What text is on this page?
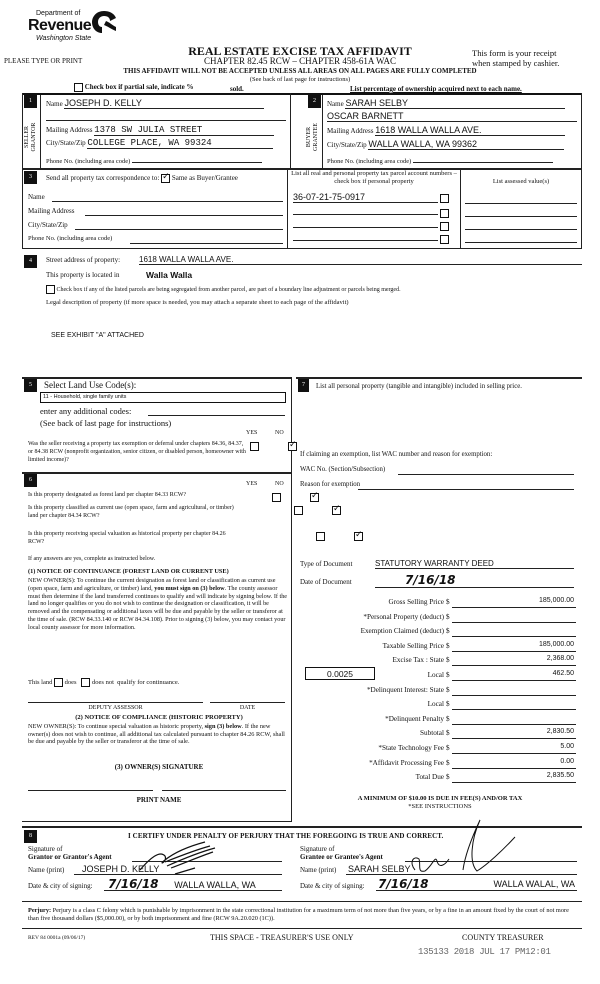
Department of
Revenue
Washington State
REAL ESTATE EXCISE TAX AFFIDAVIT
PLEASE TYPE OR PRINT	CHAPTER 82.45 RCW – CHAPTER 458-61A WAC
This form is your receipt
when stamped by cashier.
THIS AFFIDAVIT WILL NOT BE ACCEPTED UNLESS ALL AREAS ON ALL PAGES ARE FULLY COMPLETED
(See back of last page for instructions)
Check box if partial sale, indicate %	sold.	List percentage of ownership acquired next to each name.
1
SELLER GRANTOR
Name JOSEPH D. KELLY
Mailing Address 1378 SW JULIA STREET
City/State/Zip COLLEGE PLACE, WA 99324
Phone No. (including area code)
2
BUYER GRANTEE
Name SARAH SELBY
OSCAR BARNETT
Mailing Address 1618 WALLA WALLA AVE.
City/State/Zip WALLA WALLA, WA 99362
Phone No. (including area code)
3	Send all property tax correspondence to: ✓ Same as Buyer/Grantee
Name
Mailing Address
City/State/Zip
Phone No. (including area code)
List all real and personal property tax parcel account numbers – check box if personal property	List assessed value(s)
36-07-21-75-0917

4	Street address of property: 1618 WALLA WALLA AVE.
This property is located in	Walla Walla
Check box if any of the listed parcels are being segregated from another parcel, are part of a boundary line adjustment or parcels being merged.
Legal description of property (if more space is needed, you may attach a separate sheet to each page of the affidavit)
SEE EXHIBIT "A" ATTACHED
5	Select Land Use Code(s):
11 - Household, single family units
enter any additional codes:
(See back of last page for instructions)
YES	NO
Was the seller receiving a property tax exemption or deferral under chapters 84.36, 84.37, or 84.38 RCW (nonprofit organization, senior citizen, or disabled person, homeowner with limited income)?
✓
6
YES	NO
Is this property designated as forest land per chapter 84.33 RCW?
✓
Is this property classified as current use (open space, farm and agricultural, or timber) land per chapter 84.34 RCW?
✓
Is this property receiving special valuation as historical property per chapter 84.26 RCW?
✓
If any answers are yes, complete as instructed below.
(1) NOTICE OF CONTINUANCE (FOREST LAND OR CURRENT USE)
NEW OWNER(S): To continue the current designation as forest land or classification as current use (open space, farm and agriculture, or timber) land, you must sign on (3) below. The county assessor must then determine if the land transferred continues to qualify and will indicate by signing below. If the land no longer qualifies or you do not wish to continue the designation or classification, it will be removed and the compensating or additional taxes will be due and payable by the seller or transferor at the time of sale. (RCW 84.33.140 or RCW 84.34.108). Prior to signing (3) below, you may contact your local county assessor for more information.
This land does does not qualify for continuance.
DEPUTY ASSESSOR	DATE
(2) NOTICE OF COMPLIANCE (HISTORIC PROPERTY)
NEW OWNER(S): To continue special valuation as historic property, sign (3) below. If the new owner(s) does not wish to continue, all additional tax calculated pursuant to chapter 84.26 RCW, shall be due and payable by the seller or transferor at the time of sale.
(3) OWNER(S) SIGNATURE
PRINT NAME
7	List all personal property (tangible and intangible) included in selling price.
If claiming an exemption, list WAC number and reason for exemption:
WAC No. (Section/Subsection)
Reason for exemption
Type of Document	STATUTORY WARRANTY DEED
Date of Document	7/16/18
Gross Selling Price $	185,000.00
*Personal Property (deduct) $
Exemption Claimed (deduct) $
Taxable Selling Price $	185,000.00
Excise Tax : State $	2,368.00
0.0025	Local $	462.50
*Delinquent Interest: State $
Local $
*Delinquent Penalty $
Subtotal $	2,830.50
*State Technology Fee $	5.00
*Affidavit Processing Fee $	0.00
Total Due $	2,835.50
A MINIMUM OF $10.00 IS DUE IN FEE(S) AND/OR TAX
*SEE INSTRUCTIONS
8	I CERTIFY UNDER PENALTY OF PERJURY THAT THE FOREGOING IS TRUE AND CORRECT.
Signature of
Grantor or Grantor's Agent
Name (print)	JOSEPH D. KELLY
Date & city of signing:	7/16/18 WALLA WALLA, WA
Signature of
Grantee or Grantee's Agent
Name (print) SARAH SELBY
Date & city of signing: 7/16/18	WALLA WALAL, WA
Perjury: Perjury is a class C felony which is punishable by imprisonment in the state correctional institution for a maximum term of not more than five years, or by a fine in an amount fixed by the court of not more than five thousand dollars ($5,000.00), or by both imprisonment and fine (RCW 9A.20.020 (1C)).
REV 84 0001a (09/06/17)	THIS SPACE - TREASURER'S USE ONLY	COUNTY TREASURER
135133 2018 JUL 17 PM12:01
